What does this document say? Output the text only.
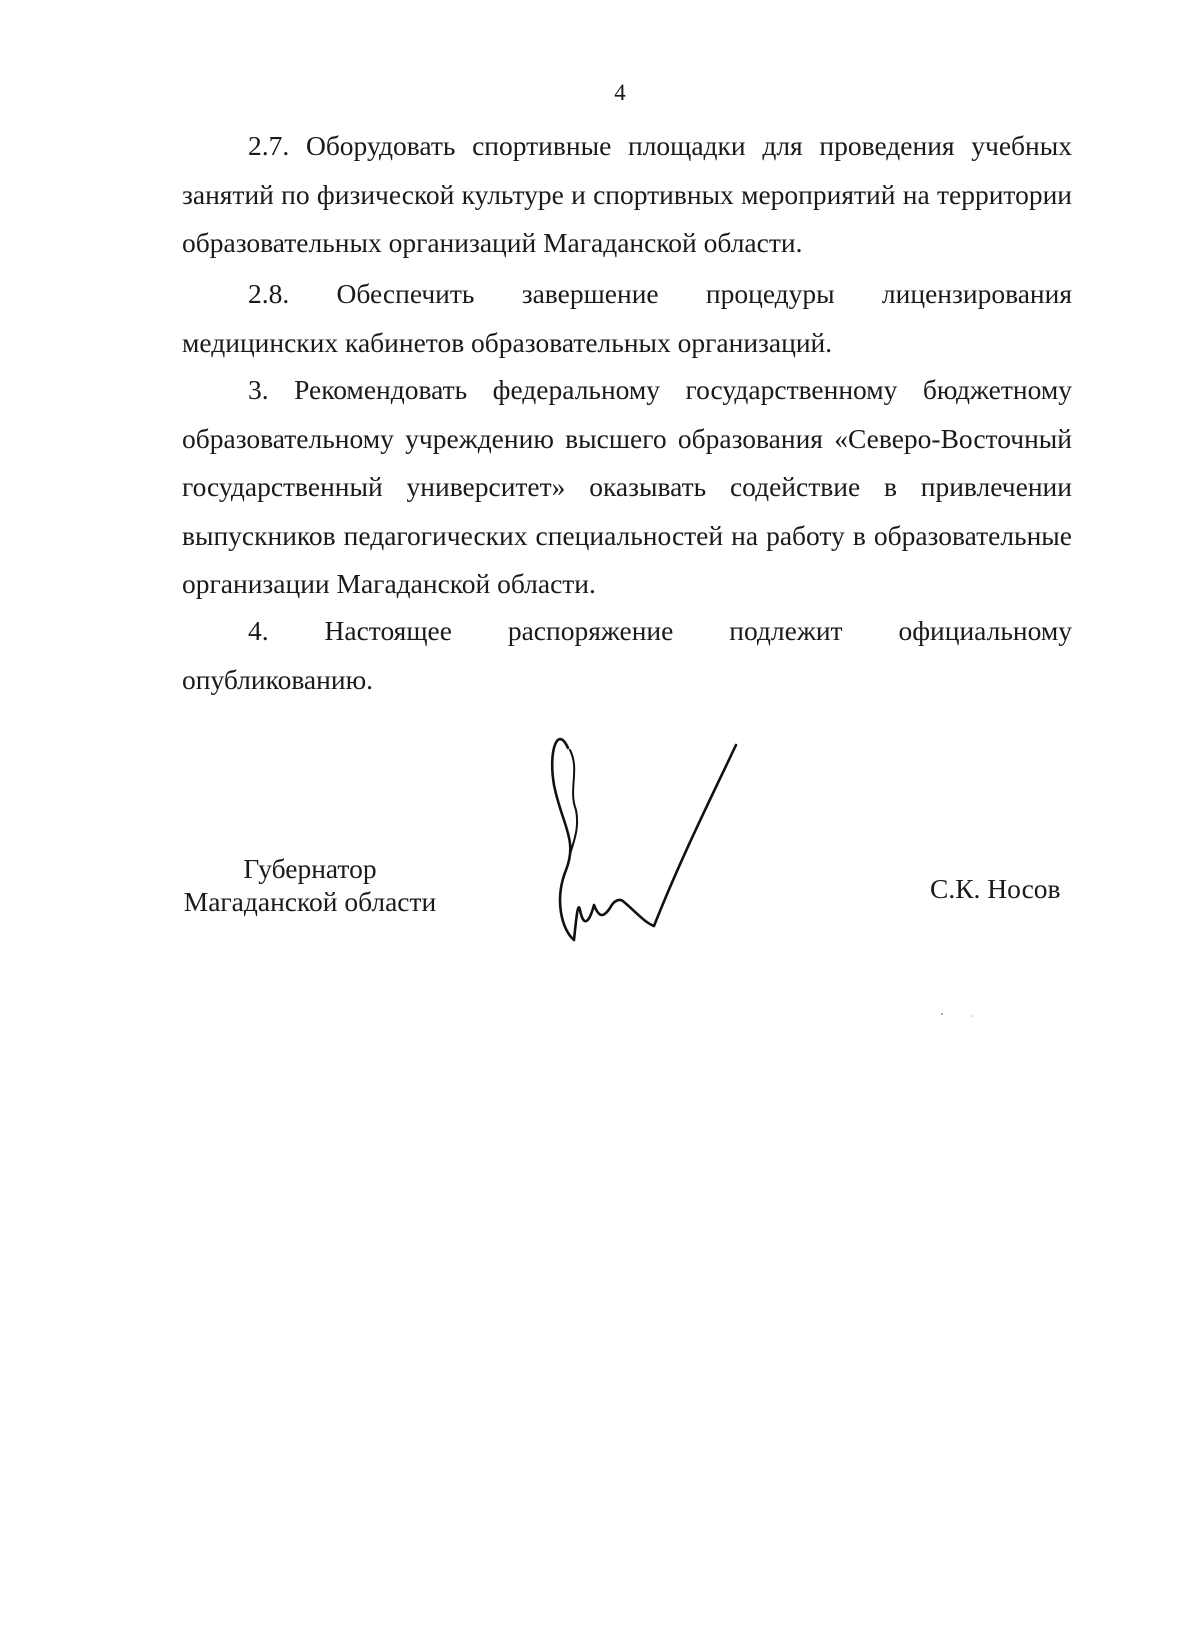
4

2.7. Оборудовать спортивные площадки для проведения учебных занятий по физической культуре и спортивных мероприятий на территории образовательных организаций Магаданской области.

2.8. Обеспечить завершение процедуры лицензирования медицинских кабинетов образовательных организаций.

3. Рекомендовать федеральному государственному бюджетному образовательному учреждению высшего образования «Северо-Восточный государственный университет» оказывать содействие в привлечении выпускников педагогических специальностей на работу в образовательные организации Магаданской области.

4. Настоящее распоряжение подлежит официальному опубликованию.

Губернатор
Магаданской области	С.К. Носов
